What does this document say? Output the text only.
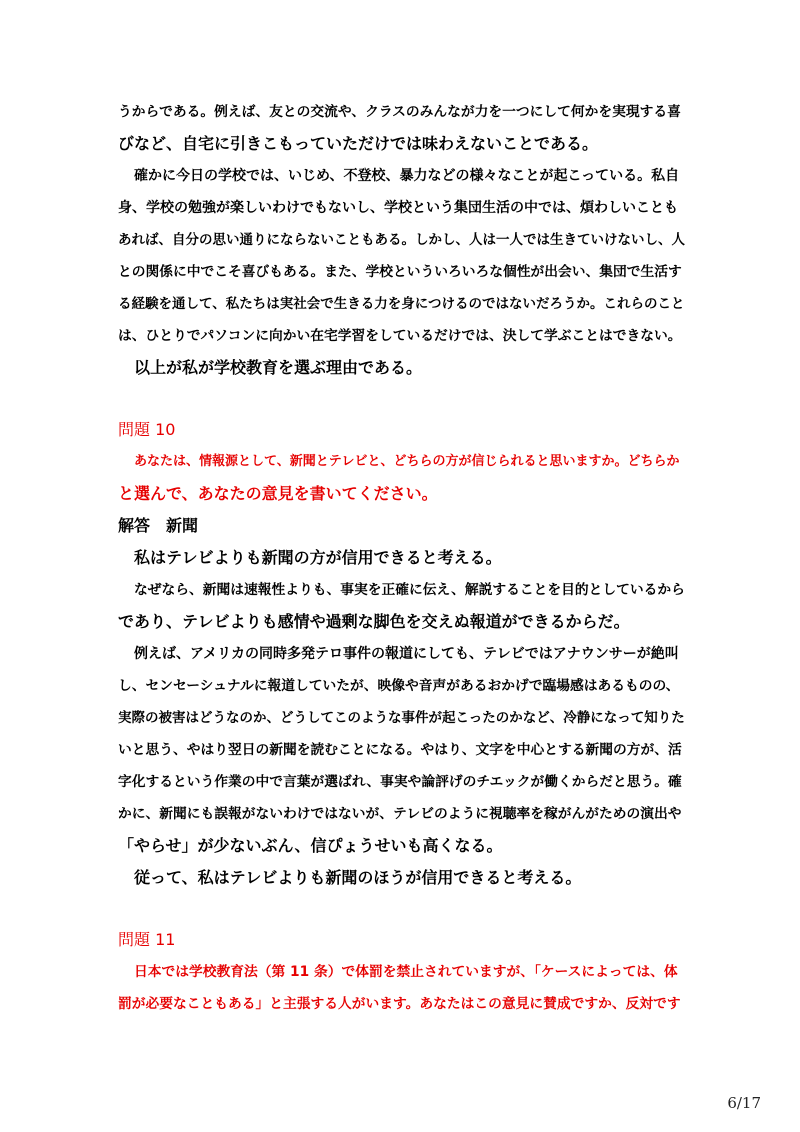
うからである。例えば、友との交流や、クラスのみんなが力を一つにして何かを実現する喜
びなど、自宅に引きこもっていただけでは味わえないことである。
確かに今日の学校では、いじめ、不登校、暴力などの様々なことが起こっている。私自
身、学校の勉強が楽しいわけでもないし、学校という集団生活の中では、煩わしいことも
あれば、自分の思い通りにならないこともある。しかし、人は一人では生きていけないし、人
との関係に中でこそ喜びもある。また、学校といういろいろな個性が出会い、集団で生活す
る経験を通して、私たちは実社会で生きる力を身につけるのではないだろうか。これらのこと
は、ひとりでパソコンに向かい在宅学習をしているだけでは、決して学ぶことはできない。
以上が私が学校教育を選ぶ理由である。
問題 10
あなたは、情報源として、新聞とテレビと、どちらの方が信じられると思いますか。どちらか
と選んで、あなたの意見を書いてください。
解答　新聞
私はテレビよりも新聞の方が信用できると考える。
なぜなら、新聞は速報性よりも、事実を正確に伝え、解説することを目的としているから
であり、テレビよりも感情や過剰な脚色を交えぬ報道ができるからだ。
例えば、アメリカの同時多発テロ事件の報道にしても、テレビではアナウンサーが絶叫
し、センセーシュナルに報道していたが、映像や音声があるおかげで臨場感はあるものの、
実際の被害はどうなのか、どうしてこのような事件が起こったのかなど、冷静になって知りた
いと思う、やはり翌日の新聞を読むことになる。やはり、文字を中心とする新聞の方が、活
字化するという作業の中で言葉が選ばれ、事実や論評げのチエックが働くからだと思う。確
かに、新聞にも誤報がないわけではないが、テレビのように視聴率を稼がんがための演出や
「やらせ」が少ないぶん、信ぴょうせいも高くなる。
従って、私はテレビよりも新聞のほうが信用できると考える。
問題 11
日本では学校教育法（第 11 条）で体罰を禁止されていますが、「ケースによっては、体
罰が必要なこともある」と主張する人がいます。あなたはこの意見に賛成ですか、反対です
6/17
